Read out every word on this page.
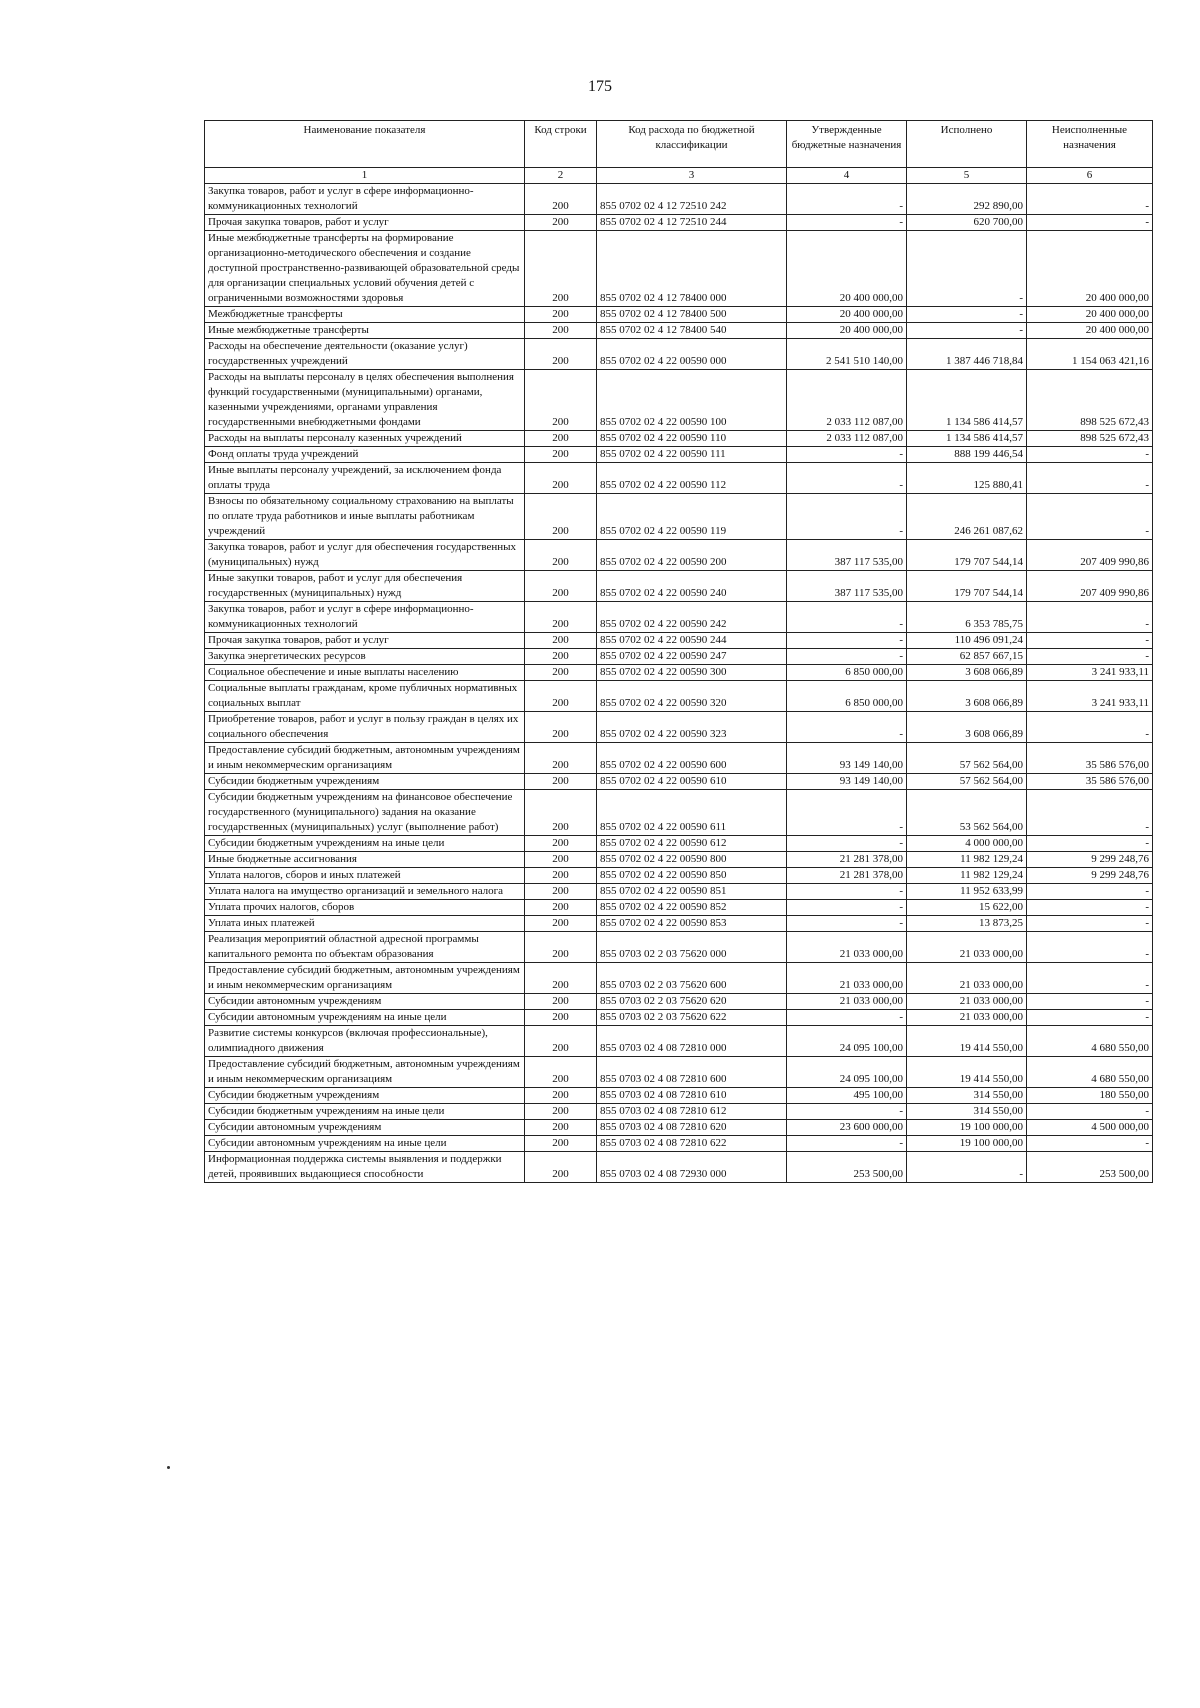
175
Наименование показателя	Код строки	Код расхода по бюджетной классификации	Утвержденные бюджетные назначения	Исполнено	Неисполненные назначения
1	2	3	4	5	6
Закупка товаров, работ и услуг в сфере информационно-коммуникационных технологий	200	855 0702 02 4 12 72510 242	-	292 890,00	-
Прочая закупка товаров, работ и услуг	200	855 0702 02 4 12 72510 244	-	620 700,00	-
Иные межбюджетные трансферты на формирование организационно-методического обеспечения и создание доступной пространственно-развивающей образовательной среды для организации специальных условий обучения детей с ограниченными возможностями здоровья	200	855 0702 02 4 12 78400 000	20 400 000,00	-	20 400 000,00
Межбюджетные трансферты	200	855 0702 02 4 12 78400 500	20 400 000,00	-	20 400 000,00
Иные межбюджетные трансферты	200	855 0702 02 4 12 78400 540	20 400 000,00	-	20 400 000,00
Расходы на обеспечение деятельности (оказание услуг) государственных учреждений	200	855 0702 02 4 22 00590 000	2 541 510 140,00	1 387 446 718,84	1 154 063 421,16
Расходы на выплаты персоналу в целях обеспечения выполнения функций государственными (муниципальными) органами, казенными учреждениями, органами управления государственными внебюджетными фондами	200	855 0702 02 4 22 00590 100	2 033 112 087,00	1 134 586 414,57	898 525 672,43
Расходы на выплаты персоналу казенных учреждений	200	855 0702 02 4 22 00590 110	2 033 112 087,00	1 134 586 414,57	898 525 672,43
Фонд оплаты труда учреждений	200	855 0702 02 4 22 00590 111	-	888 199 446,54	-
Иные выплаты персоналу учреждений, за исключением фонда оплаты труда	200	855 0702 02 4 22 00590 112	-	125 880,41	-
Взносы по обязательному социальному страхованию на выплаты по оплате труда работников и иные выплаты работникам учреждений	200	855 0702 02 4 22 00590 119	-	246 261 087,62	-
Закупка товаров, работ и услуг для обеспечения государственных (муниципальных) нужд	200	855 0702 02 4 22 00590 200	387 117 535,00	179 707 544,14	207 409 990,86
Иные закупки товаров, работ и услуг для обеспечения государственных (муниципальных) нужд	200	855 0702 02 4 22 00590 240	387 117 535,00	179 707 544,14	207 409 990,86
Закупка товаров, работ и услуг в сфере информационно-коммуникационных технологий	200	855 0702 02 4 22 00590 242	-	6 353 785,75	-
Прочая закупка товаров, работ и услуг	200	855 0702 02 4 22 00590 244	-	110 496 091,24	-
Закупка энергетических ресурсов	200	855 0702 02 4 22 00590 247	-	62 857 667,15	-
Социальное обеспечение и иные выплаты населению	200	855 0702 02 4 22 00590 300	6 850 000,00	3 608 066,89	3 241 933,11
Социальные выплаты гражданам, кроме публичных нормативных социальных выплат	200	855 0702 02 4 22 00590 320	6 850 000,00	3 608 066,89	3 241 933,11
Приобретение товаров, работ и услуг в пользу граждан в целях их социального обеспечения	200	855 0702 02 4 22 00590 323	-	3 608 066,89	-
Предоставление субсидий бюджетным, автономным учреждениям и иным некоммерческим организациям	200	855 0702 02 4 22 00590 600	93 149 140,00	57 562 564,00	35 586 576,00
Субсидии бюджетным учреждениям	200	855 0702 02 4 22 00590 610	93 149 140,00	57 562 564,00	35 586 576,00
Субсидии бюджетным учреждениям на финансовое обеспечение государственного (муниципального) задания на оказание государственных (муниципальных) услуг (выполнение работ)	200	855 0702 02 4 22 00590 611	-	53 562 564,00	-
Субсидии бюджетным учреждениям на иные цели	200	855 0702 02 4 22 00590 612	-	4 000 000,00	-
Иные бюджетные ассигнования	200	855 0702 02 4 22 00590 800	21 281 378,00	11 982 129,24	9 299 248,76
Уплата налогов, сборов и иных платежей	200	855 0702 02 4 22 00590 850	21 281 378,00	11 982 129,24	9 299 248,76
Уплата налога на имущество организаций и земельного налога	200	855 0702 02 4 22 00590 851	-	11 952 633,99	-
Уплата прочих налогов, сборов	200	855 0702 02 4 22 00590 852	-	15 622,00	-
Уплата иных платежей	200	855 0702 02 4 22 00590 853	-	13 873,25	-
Реализация мероприятий областной адресной программы капитального ремонта по объектам образования	200	855 0703 02 2 03 75620 000	21 033 000,00	21 033 000,00	-
Предоставление субсидий бюджетным, автономным учреждениям и иным некоммерческим организациям	200	855 0703 02 2 03 75620 600	21 033 000,00	21 033 000,00	-
Субсидии автономным учреждениям	200	855 0703 02 2 03 75620 620	21 033 000,00	21 033 000,00	-
Субсидии автономным учреждениям на иные цели	200	855 0703 02 2 03 75620 622	-	21 033 000,00	-
Развитие системы конкурсов (включая профессиональные), олимпиадного движения	200	855 0703 02 4 08 72810 000	24 095 100,00	19 414 550,00	4 680 550,00
Предоставление субсидий бюджетным, автономным учреждениям и иным некоммерческим организациям	200	855 0703 02 4 08 72810 600	24 095 100,00	19 414 550,00	4 680 550,00
Субсидии бюджетным учреждениям	200	855 0703 02 4 08 72810 610	495 100,00	314 550,00	180 550,00
Субсидии бюджетным учреждениям на иные цели	200	855 0703 02 4 08 72810 612	-	314 550,00	-
Субсидии автономным учреждениям	200	855 0703 02 4 08 72810 620	23 600 000,00	19 100 000,00	4 500 000,00
Субсидии автономным учреждениям на иные цели	200	855 0703 02 4 08 72810 622	-	19 100 000,00	-
Информационная поддержка системы выявления и поддержки детей, проявивших выдающиеся способности	200	855 0703 02 4 08 72930 000	253 500,00	-	253 500,00
